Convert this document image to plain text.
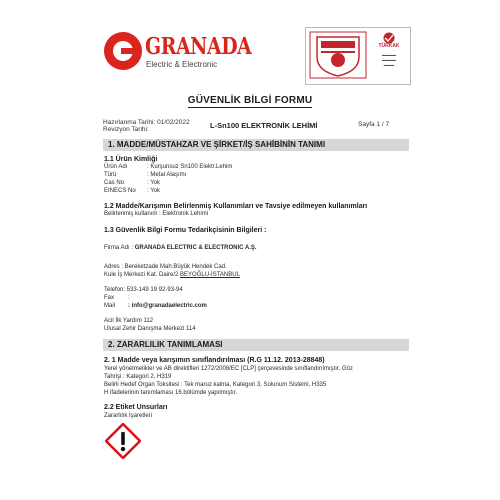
GRANADA
Electric & Electronic
TÜRKAK
▬▬▬▬
▬▬▬▬
▬▬▬
GÜVENLİK BİLGİ FORMU
Hazırlanma Tarihi: 01/02/2022
Revizyon Tarihi:	L-Sn100 ELEKTRONİK LEHİMİ	Sayfa 1 / 7
1. MADDE/MÜSTAHZAR VE ŞİRKET/İŞ SAHİBİNİN TANIMI
1.1 Ürün Kimliği
Ürün Adı	: Kurşunsuz Sn100 Elektr.Lehim
Türü	: Metal Alaşımı
Cas No	: Yok
EINECS No : Yok
1.2 Madde/Karışımın Belirlenmiş Kullanımları ve Tavsiye edilmeyen kullanımları
Belirlenmiş kullanım : Elektronik Lehimi
1.3 Güvenlik Bilgi Formu Tedarikçisinin Bilgileri :
Firma Adı : GRANADA ELECTRIC & ELECTRONIC A.Ş.
Adres : Bereketzade Mah.Büyük Hendek Cad.
Kule İş Merkezi Kat. Daire/2 BEYOĞLU-İSTANBUL
Telefon: 533-149 19 92-93-94
Fax :
Mail : info@granadaelectric.com
Acil İlk Yardım 112
Ulusal Zehir Danışma Merkezi 114
2. ZARARLILIK TANIMLAMASI
2. 1 Madde veya karışımın sınıflandırılması (R.G 11.12. 2013-28848)
Yerel yönetmelikler ve AB direktifleri 1272/2008/EC [CLP] çerçevesinde sınıflandırılmıştır. Göz
Tahrişi : Kategori 2, H319
Belirli Hedef Organ Toksitesi : Tek maruz kalma, Kategori 3, Solunum Sistemi, H335
H ifadelerinin tanımlaması 16.bölümde yapılmıştır.
2.2 Etiket Unsurları
Zararlılık İşaretleri
